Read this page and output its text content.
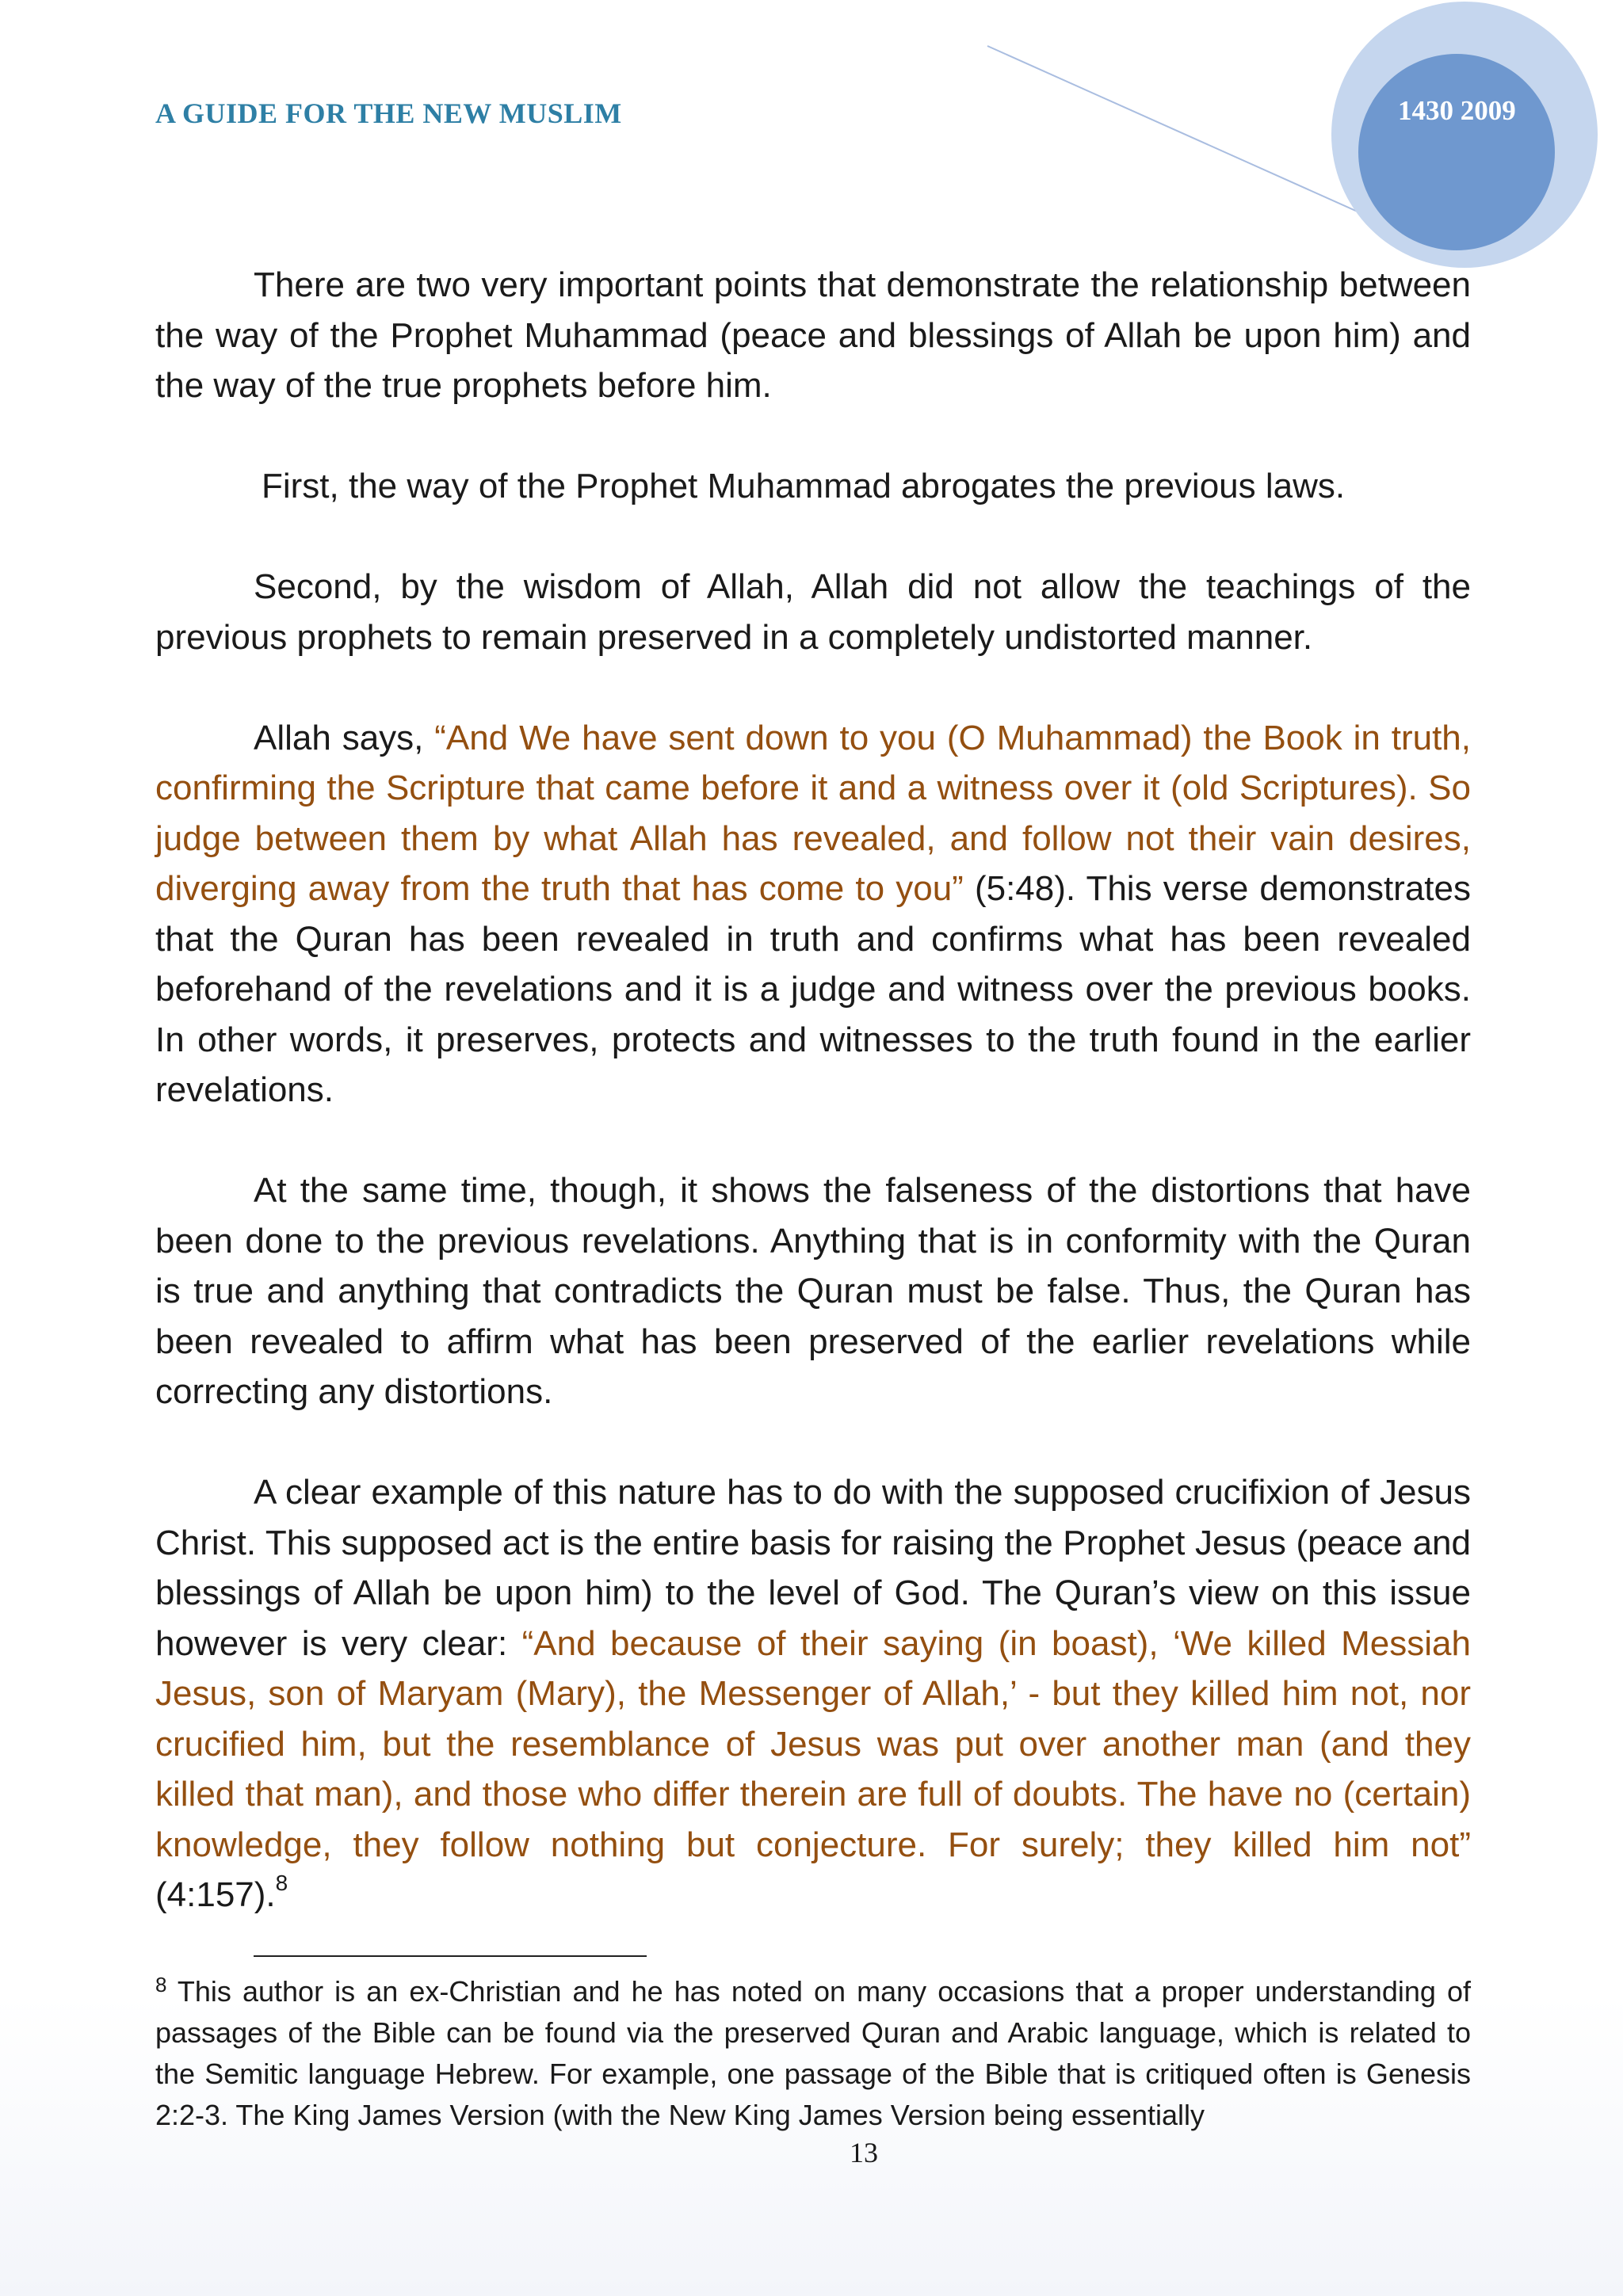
A GUIDE FOR THE NEW MUSLIM	1430 2009

There are two very important points that demonstrate the relationship between the way of the Prophet Muhammad (peace and blessings of Allah be upon him) and the way of the true prophets before him.

First, the way of the Prophet Muhammad abrogates the previous laws.

Second, by the wisdom of Allah, Allah did not allow the teachings of the previous prophets to remain preserved in a completely undistorted manner.

Allah says, “And We have sent down to you (O Muhammad) the Book in truth, confirming the Scripture that came before it and a witness over it (old Scriptures). So judge between them by what Allah has revealed, and follow not their vain desires, diverging away from the truth that has come to you” (5:48). This verse demonstrates that the Quran has been revealed in truth and confirms what has been revealed beforehand of the revelations and it is a judge and witness over the previous books. In other words, it preserves, protects and witnesses to the truth found in the earlier revelations.

At the same time, though, it shows the falseness of the distortions that have been done to the previous revelations. Anything that is in conformity with the Quran is true and anything that contradicts the Quran must be false. Thus, the Quran has been revealed to affirm what has been preserved of the earlier revelations while correcting any distortions.

A clear example of this nature has to do with the supposed crucifixion of Jesus Christ. This supposed act is the entire basis for raising the Prophet Jesus (peace and blessings of Allah be upon him) to the level of God. The Quran’s view on this issue however is very clear: “And because of their saying (in boast), ‘We killed Messiah Jesus, son of Maryam (Mary), the Messenger of Allah,’ - but they killed him not, nor crucified him, but the resemblance of Jesus was put over another man (and they killed that man), and those who differ therein are full of doubts. The have no (certain) knowledge, they follow nothing but conjecture. For surely; they killed him not” (4:157).$^8$

$^8$ This author is an ex-Christian and he has noted on many occasions that a proper understanding of passages of the Bible can be found via the preserved Quran and Arabic language, which is related to the Semitic language Hebrew. For example, one passage of the Bible that is critiqued often is Genesis 2:2-3. The King James Version (with the New King James Version being essentially
13
